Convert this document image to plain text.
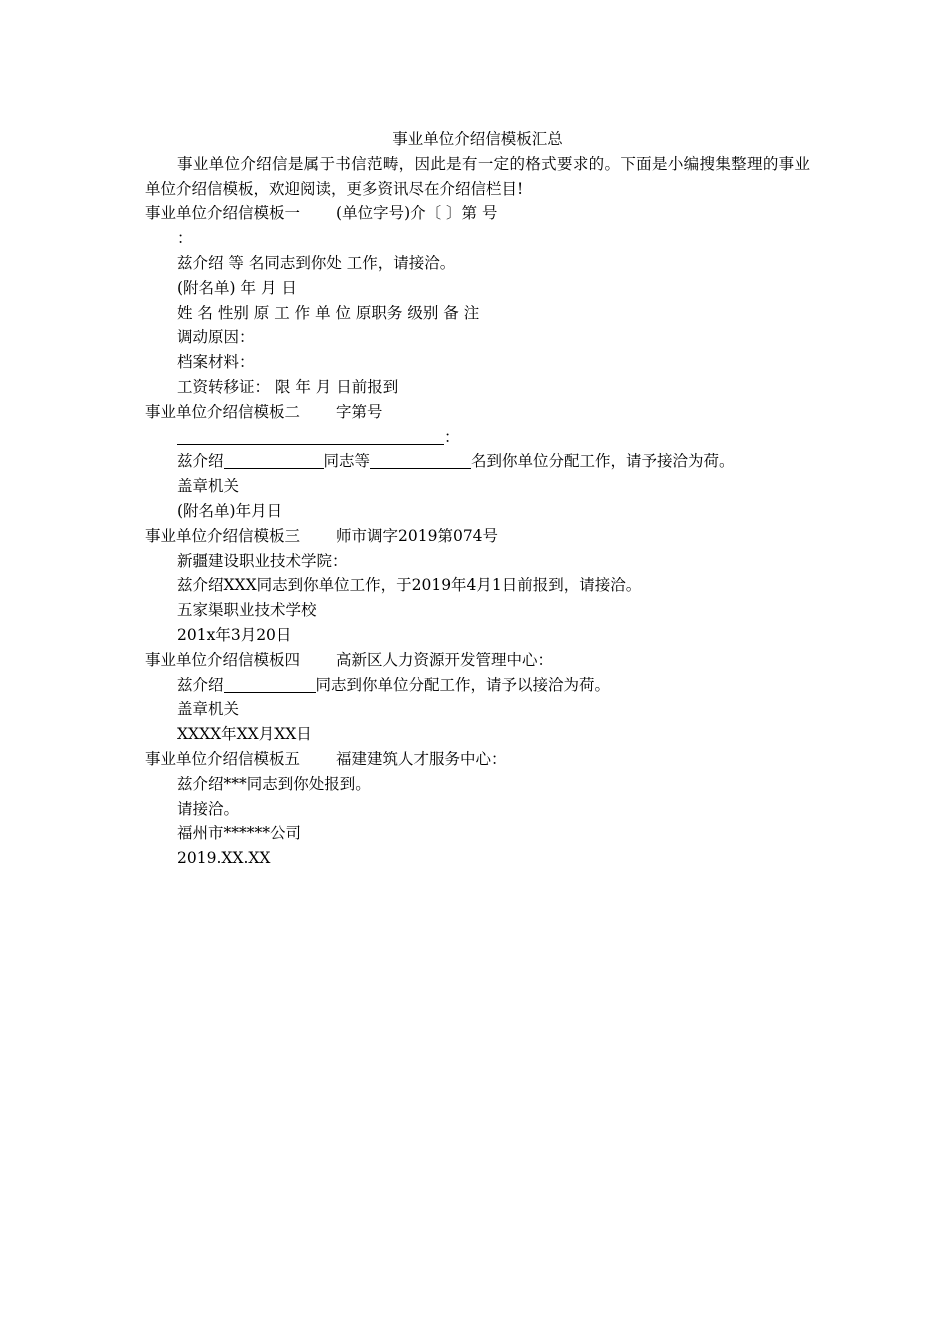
事业单位介绍信模板汇总
事业单位介绍信是属于书信范畴，因此是有一定的格式要求的。下面是小编搜集整理的事业单位介绍信模板，欢迎阅读，更多资讯尽在介绍信栏目!
事业单位介绍信模板一 (单位字号)介〔 〕第 号
：
兹介绍 等 名同志到你处 工作，请接洽。
(附名单) 年 月 日
姓 名 性别 原 工 作 单 位 原职务 级别 备 注
调动原因：
档案材料：
工资转移证： 限 年 月 日前报到
事业单位介绍信模板二 字第号
：
兹介绍	同志等	名到你单位分配工作，请予接洽为荷。
盖章机关
(附名单)年月日
事业单位介绍信模板三 师市调字2019第074号
新疆建设职业技术学院：
兹介绍XXX同志到你单位工作，于2019年4月1日前报到，请接洽。
五家渠职业技术学校
201x年3月20日
事业单位介绍信模板四 高新区人力资源开发管理中心：
兹介绍	同志到你单位分配工作，请予以接洽为荷。
盖章机关
XXXX年XX月XX日
事业单位介绍信模板五 福建建筑人才服务中心：
兹介绍***同志到你处报到。
请接洽。
福州市******公司
2019.XX.XX
